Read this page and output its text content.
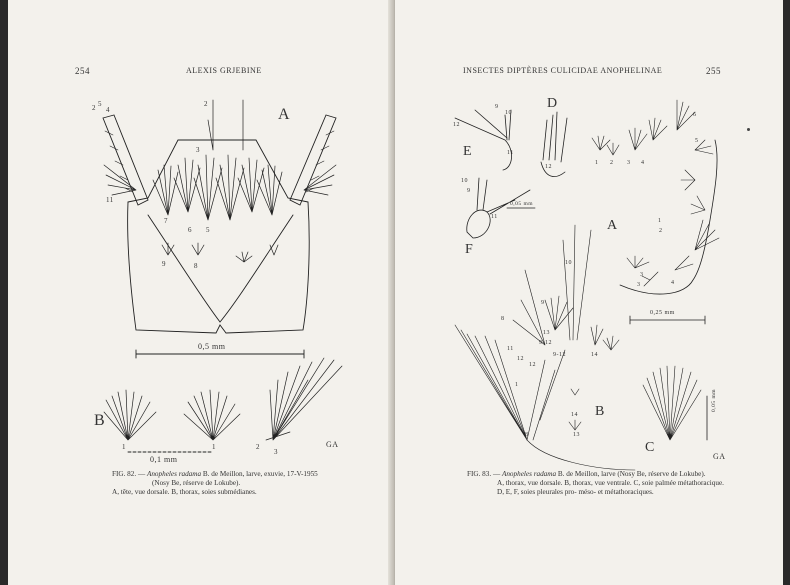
254	ALEXIS GRJEBINE
A
B
0,5 mm
0,1 mm
GA
2 5
4
2
3
11
7
6 5
9	8
1	1	2
3
FIG. 82. — Anopheles radama B. de Meillon, larve, exuvie, 17-V-1955
(Nosy Be, réserve de Lokube).
A, tête, vue dorsale. B, thorax, soies submédianes.
INSECTES DIPTÈRES CULICIDAE ANOPHELINAE	255
E
D
F
A
B
C
0,05 mm
0,25 mm
0,05 mm
12
9
10
11
12
1 2 3 4
5
6
10
9
11
1
2
3
4
10
9
8
13
12
9-12	14
11
12
9-12
1
14
13
8
3
GA
FIG. 83. — Anopheles radama B. de Meillon, larve (Nosy Be, réserve de Lokube).
A, thorax, vue dorsale. B, thorax, vue ventrale. C, soie palmée métathoracique.
D, E, F, soies pleurales pro- méso- et métathoraciques.
